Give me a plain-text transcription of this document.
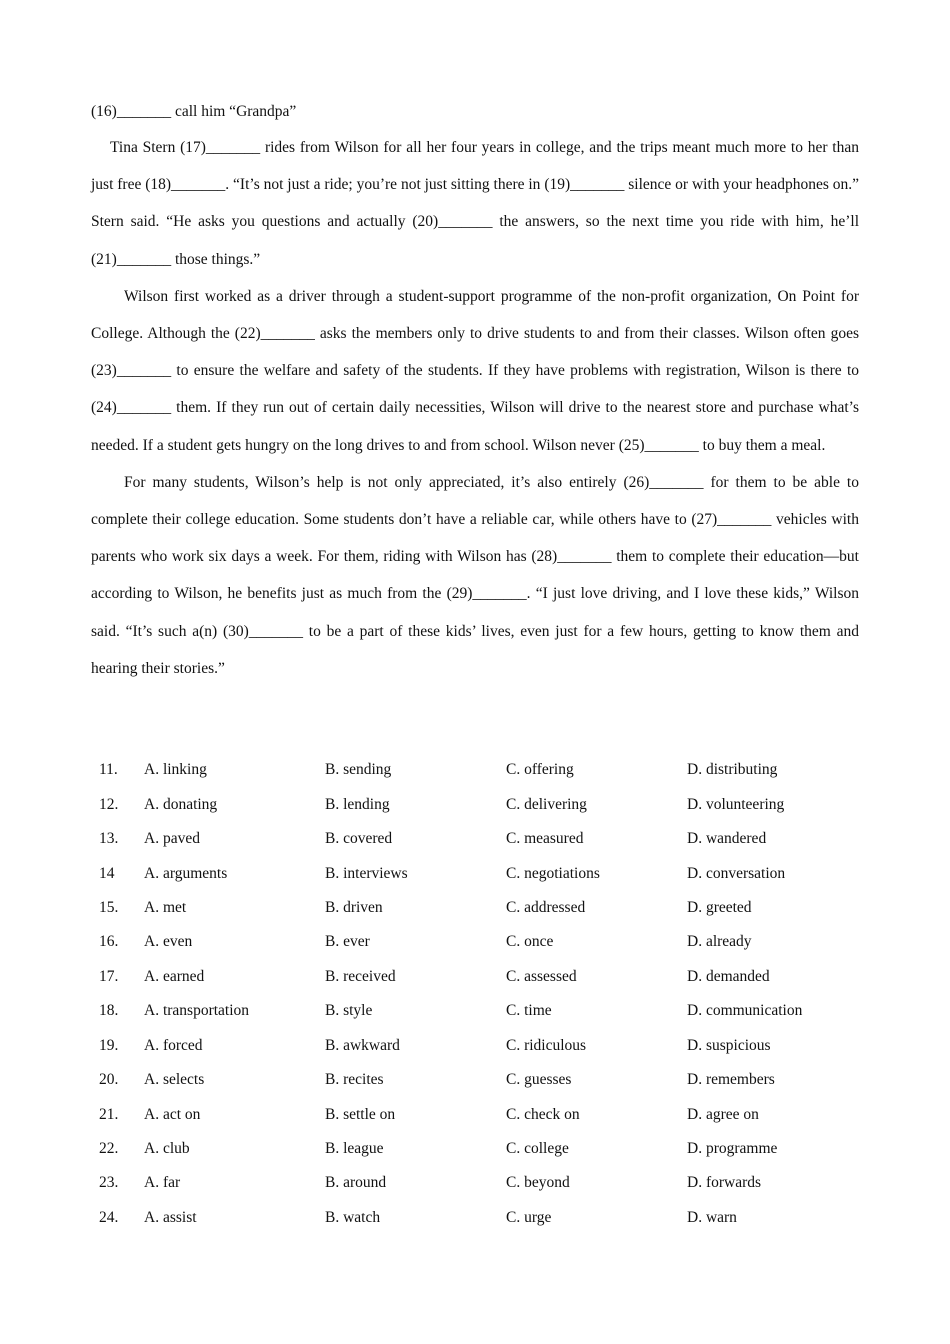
(16)_______ call him “Grandpa”

Tina Stern (17)_______ rides from Wilson for all her four years in college, and the trips meant much more to her than just free (18)_______. “It’s not just a ride; you’re not just sitting there in (19)_______ silence or with your headphones on.” Stern said. “He asks you questions and actually (20)_______ the answers, so the next time you ride with him, he’ll (21)_______ those things.”

Wilson first worked as a driver through a student-support programme of the non-profit organization, On Point for College. Although the (22)_______ asks the members only to drive students to and from their classes. Wilson often goes (23)_______ to ensure the welfare and safety of the students. If they have problems with registration, Wilson is there to (24)_______ them. If they run out of certain daily necessities, Wilson will drive to the nearest store and purchase what’s needed. If a student gets hungry on the long drives to and from school. Wilson never (25)_______ to buy them a meal.

For many students, Wilson’s help is not only appreciated, it’s also entirely (26)_______ for them to be able to complete their college education. Some students don’t have a reliable car, while others have to (27)_______ vehicles with parents who work six days a week. For them, riding with Wilson has (28)_______ them to complete their education—but according to Wilson, he benefits just as much from the (29)_______. “I just love driving, and I love these kids,” Wilson said. “It’s such a(n) (30)_______ to be a part of these kids’ lives, even just for a few hours, getting to know them and hearing their stories.”

11.	A. linking	B. sending	C. offering	D. distributing
12.	A. donating	B. lending	C. delivering	D. volunteering
13.	A. paved	B. covered	C. measured	D. wandered
14	A. arguments	B. interviews	C. negotiations	D. conversation
15.	A. met	B. driven	C. addressed	D. greeted
16.	A. even	B. ever	C. once	D. already
17.	A. earned	B. received	C. assessed	D. demanded
18.	A. transportation	B. style	C. time	D. communication
19.	A. forced	B. awkward	C. ridiculous	D. suspicious
20.	A. selects	B. recites	C. guesses	D. remembers
21.	A. act on	B. settle on	C. check on	D. agree on
22.	A. club	B. league	C. college	D. programme
23.	A. far	B. around	C. beyond	D. forwards
24.	A. assist	B. watch	C. urge	D. warn
